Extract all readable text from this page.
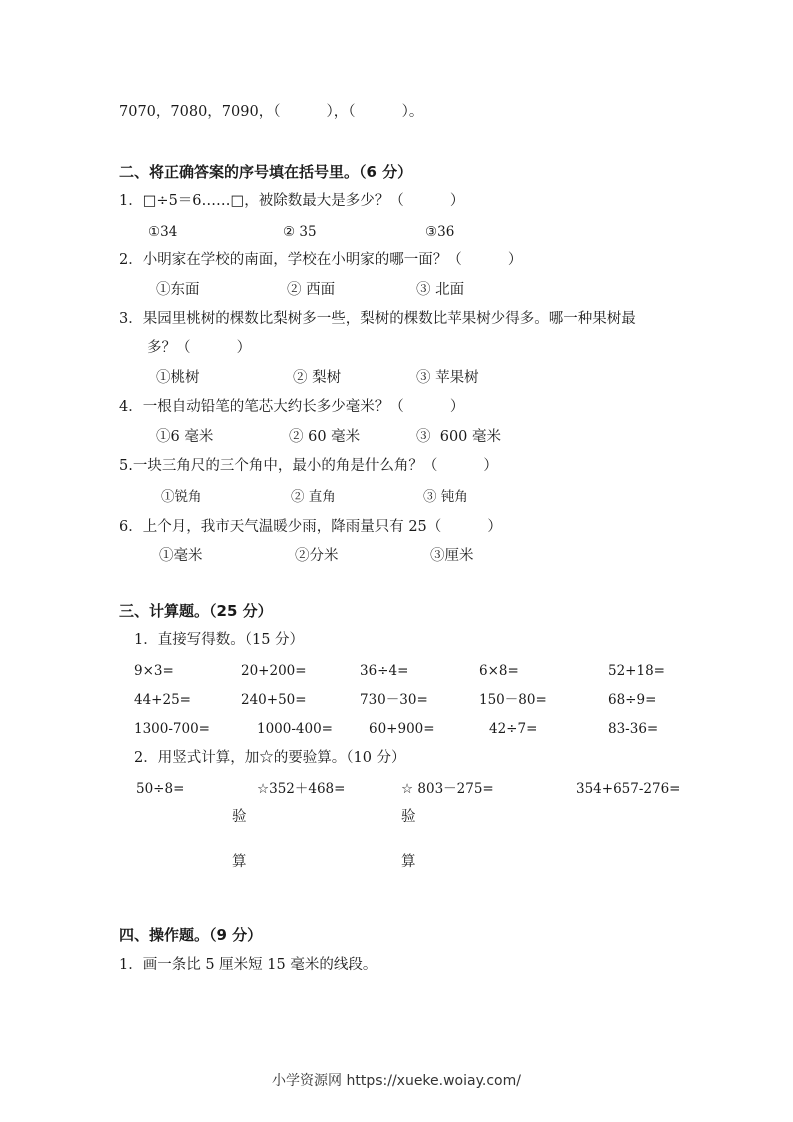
7070，7080，7090，（          ），（          ）。
二、将正确答案的序号填在括号里。（6 分）
1．□÷5＝6……□，被除数最大是多少？（          ）
①34	② 35	③36
2．小明家在学校的南面，学校在小明家的哪一面？（          ）
①东面	② 西面	③ 北面
3．果园里桃树的棵数比梨树多一些，梨树的棵数比苹果树少得多。哪一种果树最
多？（          ）
①桃树	② 梨树	③ 苹果树
4．一根自动铅笔的笔芯大约长多少毫米？（          ）
①6 毫米	② 60 毫米	③  600 毫米
5.一块三角尺的三个角中，最小的角是什么角？（          ）
①锐角	② 直角	③ 钝角
6．上个月，我市天气温暖少雨，降雨量只有 25（          ）
①毫米	②分米	③厘米
三、计算题。（25 分）
1．直接写得数。（15 分）
9×3=	20+200=	36÷4=	6×8=	52+18=
44+25=	240+50=	730－30=	150－80=	68÷9=
1300-700=	1000-400=	60+900=	42÷7=	83-36=
2．用竖式计算，加☆的要验算。（10 分）
50÷8=	☆352＋468=	☆ 803－275=	354+657-276=
验
算
验
算
四、操作题。（9 分）
1．画一条比 5 厘米短 15 毫米的线段。
小学资源网 https://xueke.woiay.com/
